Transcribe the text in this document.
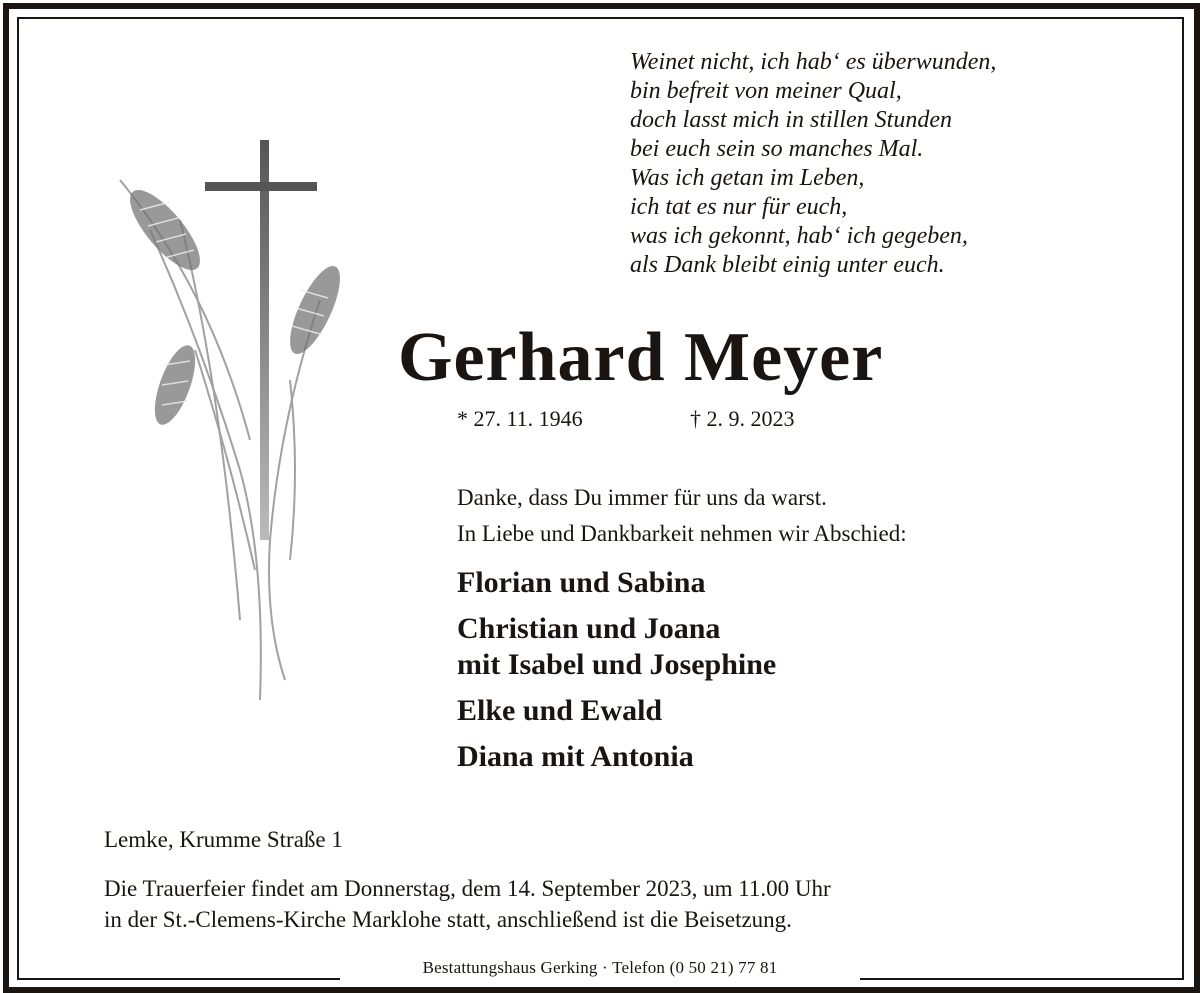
Bestattungshaus Gerking · Telefon (0 50 21) 77 81
Weinet nicht, ich hab‘ es überwunden,
bin befreit von meiner Qual,
doch lasst mich in stillen Stunden
bei euch sein so manches Mal.
Was ich getan im Leben,
ich tat es nur für euch,
was ich gekonnt, hab‘ ich gegeben,
als Dank bleibt einig unter euch.
Gerhard Meyer
* 27. 11. 1946	† 2. 9. 2023
Danke, dass Du immer für uns da warst.
In Liebe und Dankbarkeit nehmen wir Abschied:
Florian und Sabina
Christian und Joana
mit Isabel und Josephine
Elke und Ewald
Diana mit Antonia
Lemke, Krumme Straße 1
Die Trauerfeier findet am Donnerstag, dem 14. September 2023, um 11.00 Uhr
in der St.-Clemens-Kirche Marklohe statt, anschließend ist die Beisetzung.
